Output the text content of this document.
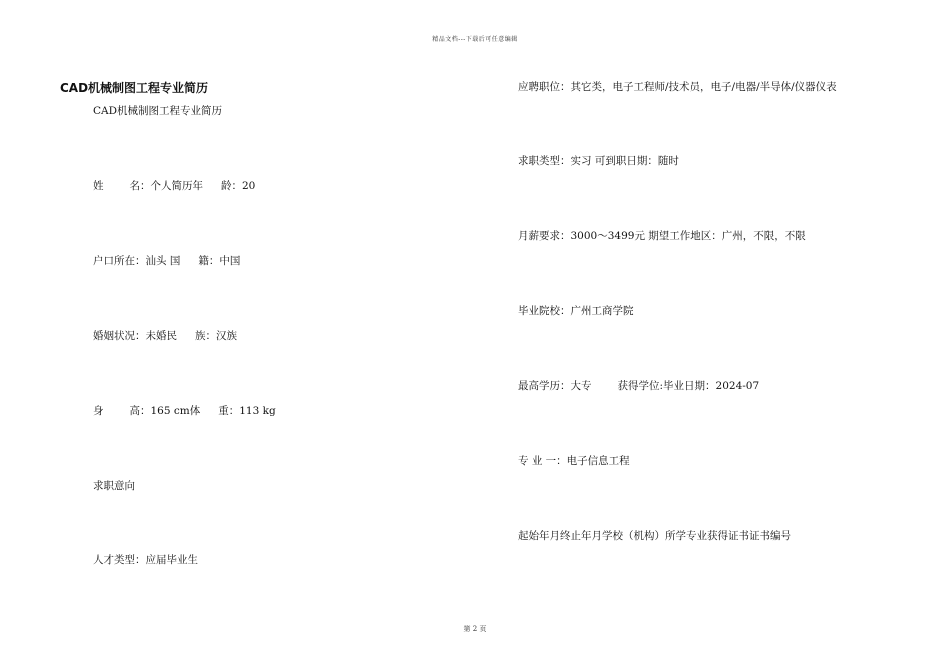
精品文档---下载后可任意编辑
CAD机械制图工程专业简历
CAD机械制图工程专业简历
姓 名：个人简历年 龄：20
户口所在：汕头 国 籍：中国
婚姻状况：未婚民 族：汉族
身 高：165 cm体 重：113 kg
求职意向
人才类型：应届毕业生
应聘职位：其它类，电子工程师/技术员，电子/电器/半导体/仪器仪表
求职类型：实习 可到职日期：随时
月薪要求：3000～3499元 期望工作地区：广州，不限，不限
毕业院校：广州工商学院
最高学历：大专 获得学位:毕业日期：2024-07
专 业 一：电子信息工程
起始年月终止年月学校（机构）所学专业获得证书证书编号
第 2 页
